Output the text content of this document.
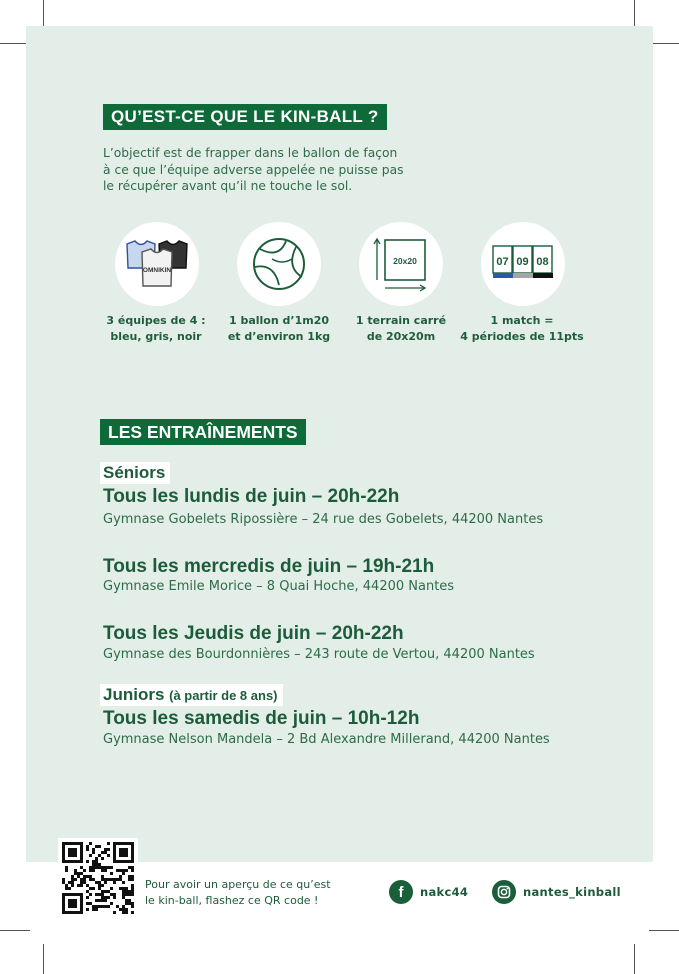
QU’EST-CE QUE LE KIN-BALL ?
L’objectif est de frapper dans le ballon de façon
à ce que l’équipe adverse appelée ne puisse pas
le récupérer avant qu’il ne touche le sol.
OMNIKIN
3 équipes de 4 :
bleu, gris, noir
1 ballon d’1m20
et d’environ 1kg
20x20
1 terrain carré
de 20x20m
07 09 08
1 match =
4 périodes de 11pts
LES ENTRAÎNEMENTS
Séniors
Tous les lundis de juin – 20h-22h
Gymnase Gobelets Ripossière – 24 rue des Gobelets, 44200 Nantes
Tous les mercredis de juin – 19h-21h
Gymnase Emile Morice – 8 Quai Hoche, 44200 Nantes
Tous les Jeudis de juin – 20h-22h
Gymnase des Bourdonnières – 243 route de Vertou, 44200 Nantes
Juniors (à partir de 8 ans)
Tous les samedis de juin – 10h-12h
Gymnase Nelson Mandela – 2 Bd Alexandre Millerand, 44200 Nantes
Pour avoir un aperçu de ce qu’est
le kin-ball, flashez ce QR code !	f	nakc44	nantes_kinball
